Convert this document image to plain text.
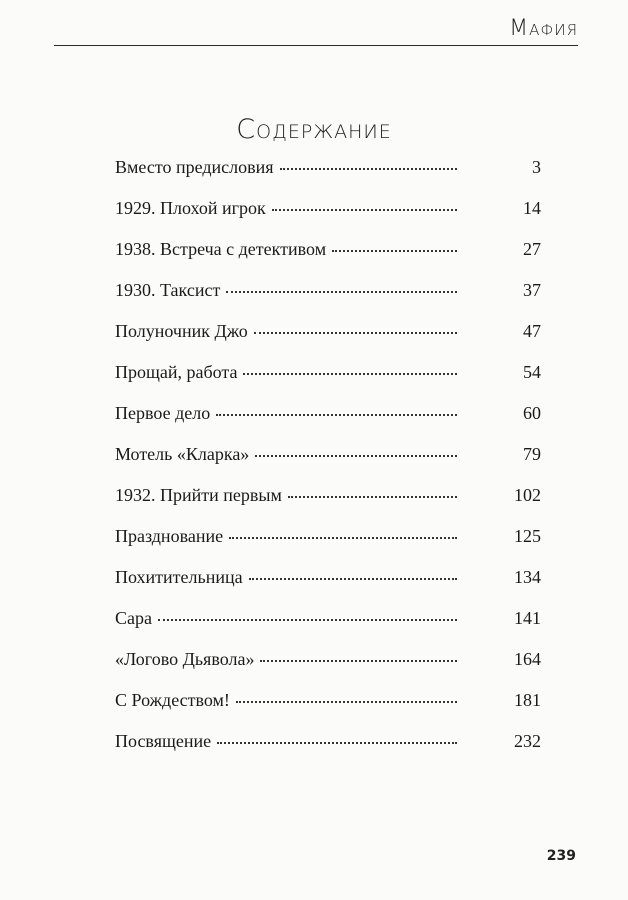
Мафия
Содержание
Вместо предисловия	3
1929. Плохой игрок	14
1938. Встреча с детективом	27
1930. Таксист	37
Полуночник Джо	47
Прощай, работа	54
Первое дело	60
Мотель «Кларка»	79
1932. Прийти первым	102
Празднование	125
Похитительница	134
Сара	141
«Логово Дьявола»	164
С Рождеством!	181
Посвящение	232
239
